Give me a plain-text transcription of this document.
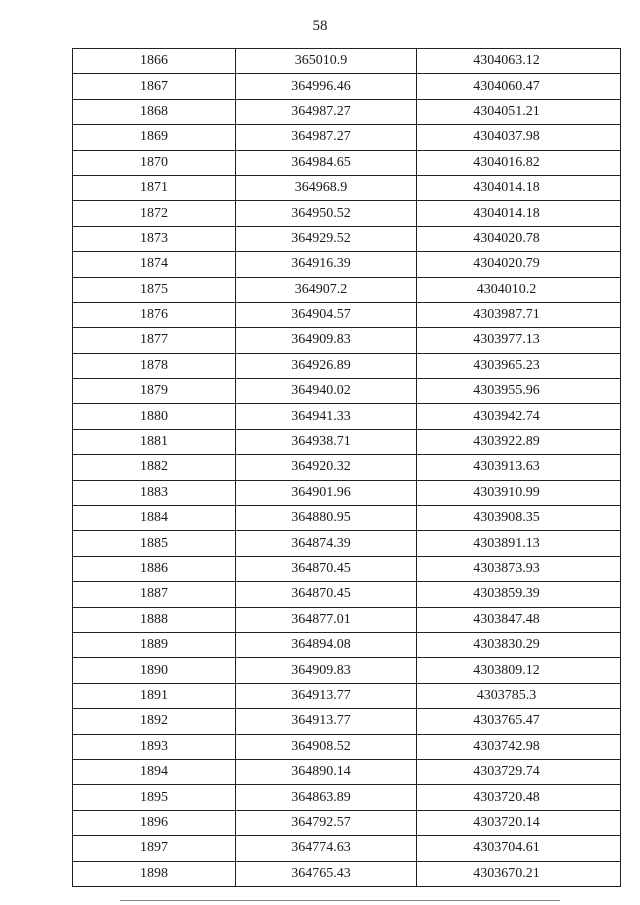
58
1866	365010.9	4304063.12
1867	364996.46	4304060.47
1868	364987.27	4304051.21
1869	364987.27	4304037.98
1870	364984.65	4304016.82
1871	364968.9	4304014.18
1872	364950.52	4304014.18
1873	364929.52	4304020.78
1874	364916.39	4304020.79
1875	364907.2	4304010.2
1876	364904.57	4303987.71
1877	364909.83	4303977.13
1878	364926.89	4303965.23
1879	364940.02	4303955.96
1880	364941.33	4303942.74
1881	364938.71	4303922.89
1882	364920.32	4303913.63
1883	364901.96	4303910.99
1884	364880.95	4303908.35
1885	364874.39	4303891.13
1886	364870.45	4303873.93
1887	364870.45	4303859.39
1888	364877.01	4303847.48
1889	364894.08	4303830.29
1890	364909.83	4303809.12
1891	364913.77	4303785.3
1892	364913.77	4303765.47
1893	364908.52	4303742.98
1894	364890.14	4303729.74
1895	364863.89	4303720.48
1896	364792.57	4303720.14
1897	364774.63	4303704.61
1898	364765.43	4303670.21
